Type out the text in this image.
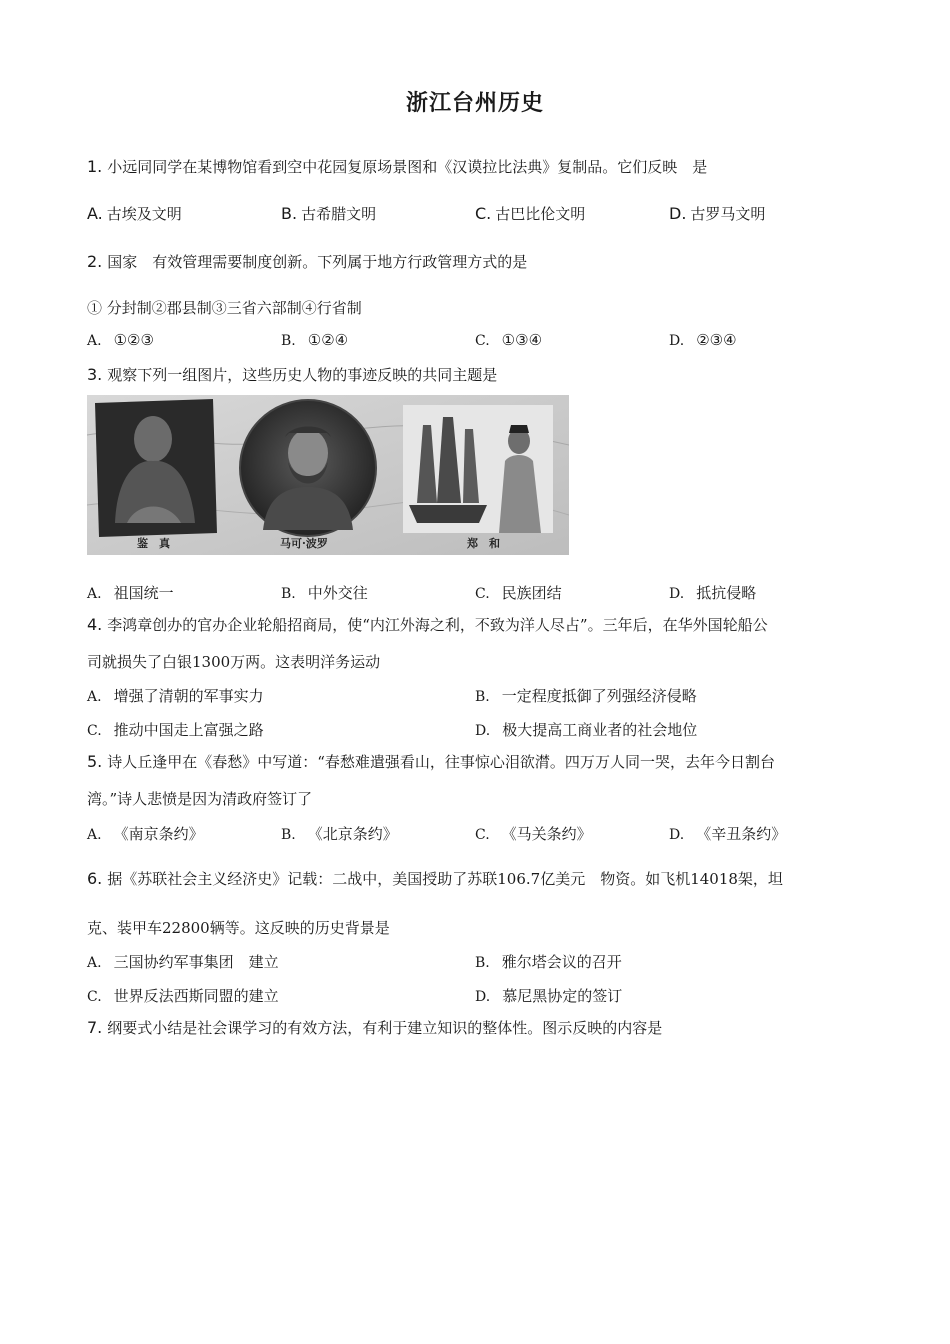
浙江台州历史
1. 小远同同学在某博物馆看到空中花园复原场景图和《汉谟拉比法典》复制品。它们反映　是
A. 古埃及文明	B. 古希腊文明	C. 古巴比伦文明	D. 古罗马文明
2. 国家　有效管理需要制度创新。下列属于地方行政管理方式的是
① 分封制②郡县制③三省六部制④行省制
A. ①②③	B. ①②④	C. ①③④	D. ②③④
3. 观察下列一组图片，这些历史人物的事迹反映的共同主题是
鉴　真	马可·波罗	郑　和
A. 祖国统一	B. 中外交往	C. 民族团结	D. 抵抗侵略
4. 李鸿章创办的官办企业轮船招商局，使“内江外海之利，不致为洋人尽占”。三年后，在华外国轮船公
司就损失了白银1300万两。这表明洋务运动
A. 增强了清朝的军事实力	B. 一定程度抵御了列强经济侵略
C. 推动中国走上富强之路	D. 极大提高工商业者的社会地位
5. 诗人丘逢甲在《春愁》中写道：“春愁难遣强看山，往事惊心泪欲潸。四万万人同一哭，去年今日割台
湾。”诗人悲愤是因为清政府签订了
A. 《南京条约》	B. 《北京条约》	C. 《马关条约》	D. 《辛丑条约》
6. 据《苏联社会主义经济史》记载：二战中，美国授助了苏联106.7亿美元　物资。如飞机14018架，坦
克、装甲车22800辆等。这反映的历史背景是
A. 三国协约军事集团　建立	B. 雅尔塔会议的召开
C. 世界反法西斯同盟的建立	D. 慕尼黑协定的签订
7. 纲要式小结是社会课学习的有效方法，有利于建立知识的整体性。图示反映的内容是
